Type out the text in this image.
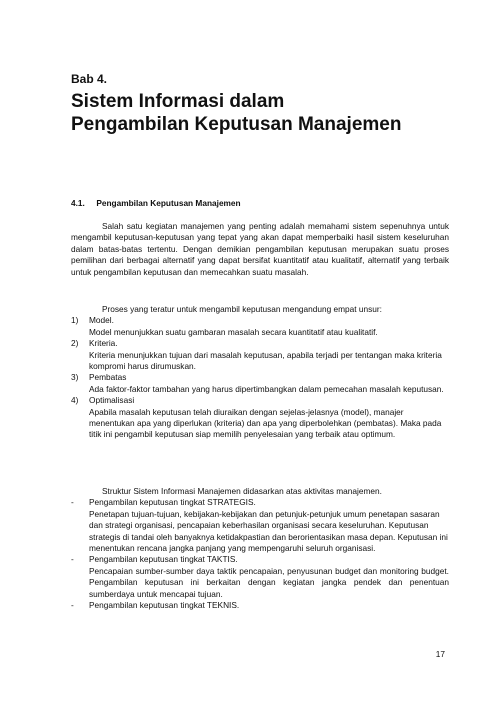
Bab 4.
Sistem Informasi dalam
Pengambilan Keputusan Manajemen
4.1. Pengambilan Keputusan Manajemen

Salah satu kegiatan manajemen yang penting adalah memahami sistem sepenuhnya untuk mengambil keputusan-keputusan yang tepat yang akan dapat memperbaiki hasil sistem keseluruhan dalam batas-batas tertentu. Dengan demikian pengambilan keputusan merupakan suatu proses pemilihan dari berbagai alternatif yang dapat bersifat kuantitatif atau kualitatif, alternatif yang terbaik untuk pengambilan keputusan dan memecahkan suatu masalah.

Proses yang teratur untuk mengambil keputusan mengandung empat unsur:

1) Model.
Model menunjukkan suatu gambaran masalah secara kuantitatif atau kualitatif.
2) Kriteria.
Kriteria menunjukkan tujuan dari masalah keputusan, apabila terjadi per tentangan maka kriteria kompromi harus dirumuskan.
3) Pembatas
Ada faktor-faktor tambahan yang harus dipertimbangkan dalam pemecahan masalah keputusan.
4) Optimalisasi
Apabila masalah keputusan telah diuraikan dengan sejelas-jelasnya (model), manajer menentukan apa yang diperlukan (kriteria) dan apa yang diperbolehkan (pembatas). Maka pada titik ini pengambil keputusan siap memilih penyelesaian yang terbaik atau optimum.

Struktur Sistem Informasi Manajemen didasarkan atas aktivitas manajemen.

- Pengambilan keputusan tingkat STRATEGIS.
Penetapan tujuan-tujuan, kebijakan-kebijakan dan petunjuk-petunjuk umum penetapan sasaran dan strategi organisasi, pencapaian keberhasilan organisasi secara keseluruhan. Keputusan strategis di tandai oleh banyaknya ketidakpastian dan berorientasikan masa depan. Keputusan ini menentukan rencana jangka panjang yang mempengaruhi seluruh organisasi.
- Pengambilan keputusan tingkat TAKTIS.
Pencapaian sumber-sumber daya taktik pencapaian, penyusunan budget dan monitoring budget. Pengambilan keputusan ini berkaitan dengan kegiatan jangka pendek dan penentuan sumberdaya untuk mencapai tujuan.
- Pengambilan keputusan tingkat TEKNIS.
17
